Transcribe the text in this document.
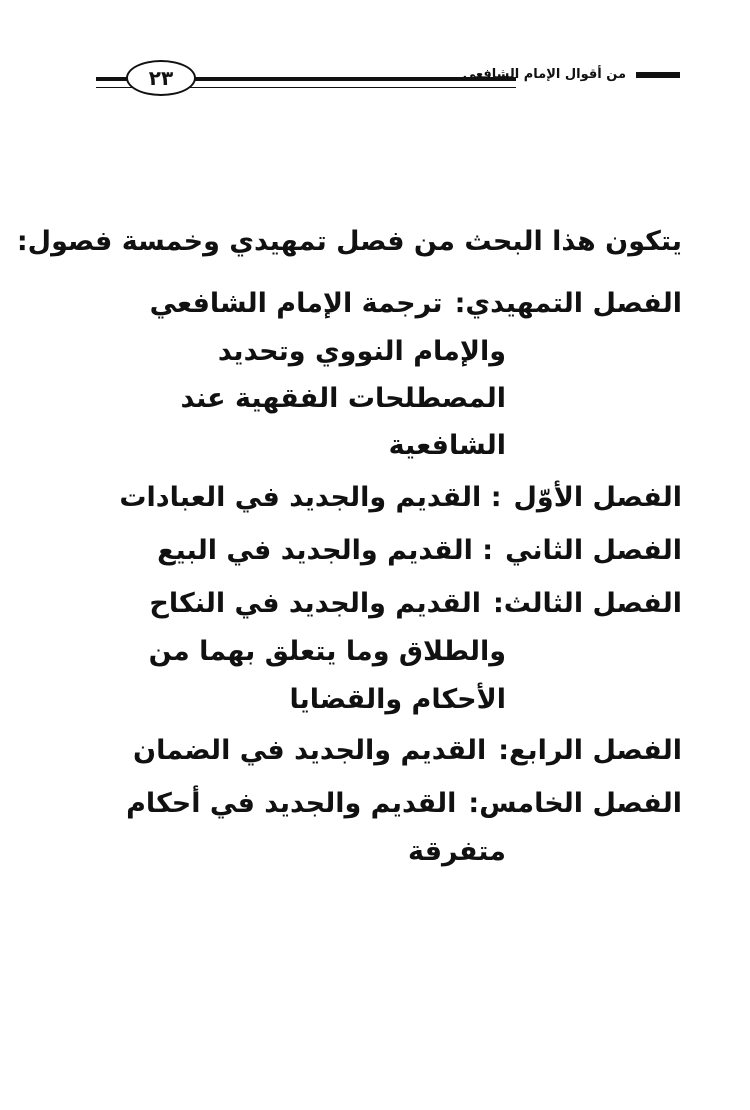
من أقوال الإمام الشافعي
٢٣
يتكون هذا البحث من فصل تمهيدي وخمسة فصول:
الفصل التمهيدي:ترجمة الإمام الشافعي
والإمام النووي وتحديد
المصطلحات الفقهية عند
الشافعية
الفصل الأوّل: القديم والجديد في العبادات
الفصل الثاني: القديم والجديد في البيع
الفصل الثالث:القديم والجديد في النكاح
والطلاق وما يتعلق بهما من
الأحكام والقضايا
الفصل الرابع:القديم والجديد في الضمان
الفصل الخامس:القديم والجديد في أحكام
متفرقة
